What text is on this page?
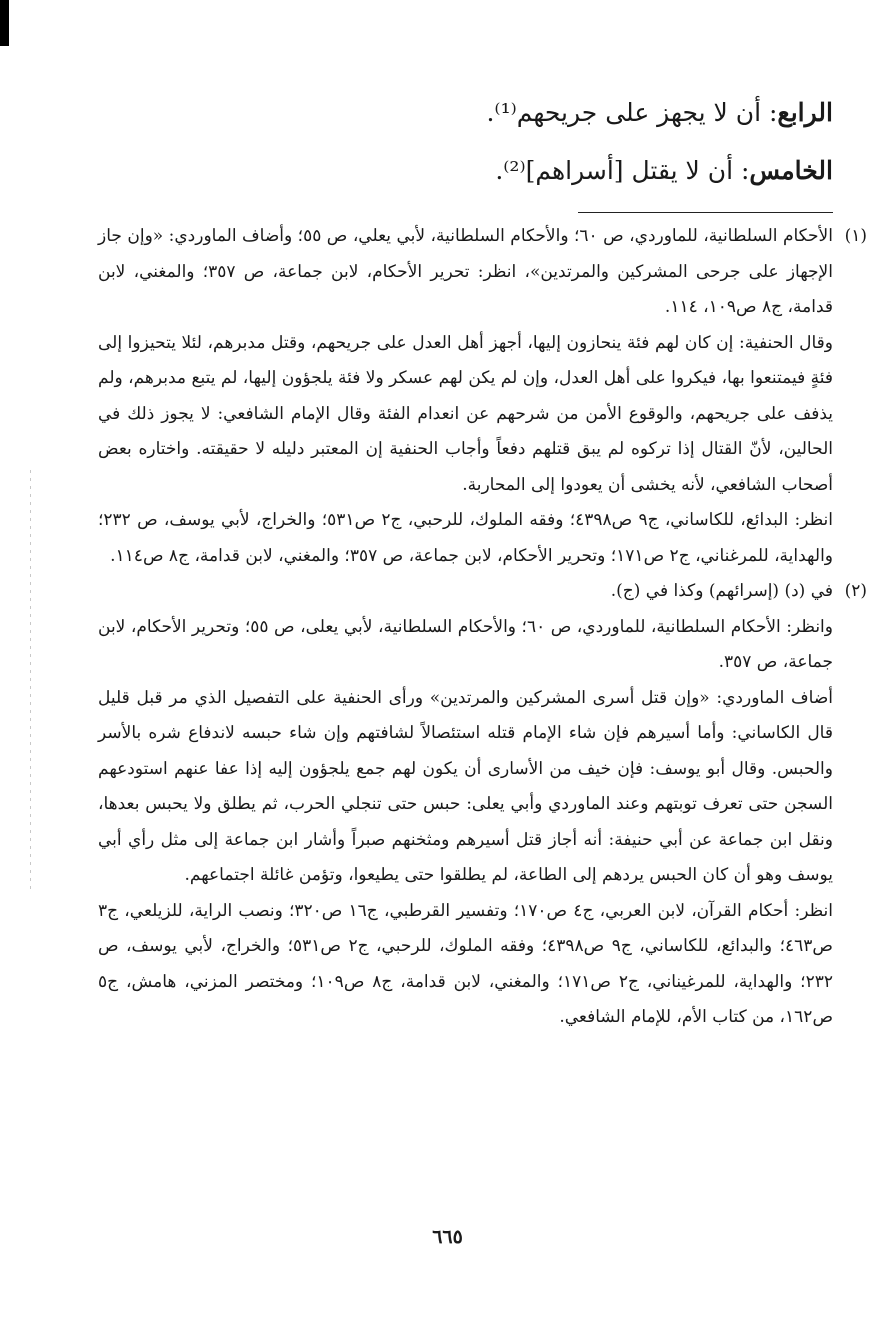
الرابع: أن لا يجهز على جريحهم⁽¹⁾.

الخامس: أن لا يقتل [أسراهم]⁽²⁾.

(١)

الأحكام السلطانية، للماوردي، ص ٦٠؛ والأحكام السلطانية، لأبي يعلي، ص ٥٥؛ وأضاف الماوردي: «وإن جاز الإجهاز على جرحى المشركين والمرتدين»، انظر: تحرير الأحكام، لابن جماعة، ص ٣٥٧؛ والمغني، لابن قدامة، ج٨ ص١٠٩، ١١٤.

وقال الحنفية: إن كان لهم فئة ينحازون إليها، أجهز أهل العدل على جريحهم، وقتل مدبرهم، لئلا يتحيزوا إلى فئةٍ فيمتنعوا بها، فيكروا على أهل العدل، وإن لم يكن لهم عسكر ولا فئة يلجؤون إليها، لم يتبع مدبرهم، ولم يذفف على جريحهم، والوقوع الأمن من شرحهم عن انعدام الفئة وقال الإمام الشافعي: لا يجوز ذلك في الحالين، لأنّ القتال إذا تركوه لم يبق قتلهم دفعاً وأجاب الحنفية إن المعتبر دليله لا حقيقته. واختاره بعض أصحاب الشافعي، لأنه يخشى أن يعودوا إلى المحاربة.

انظر: البدائع، للكاساني، ج٩ ص٤٣٩٨؛ وفقه الملوك، للرحبي، ج٢ ص٥٣١؛ والخراج، لأبي يوسف، ص ٢٣٢؛ والهداية، للمرغناني، ج٢ ص١٧١؛ وتحرير الأحكام، لابن جماعة، ص ٣٥٧؛ والمغني، لابن قدامة، ج٨ ص١١٤.

(٢)

في (د) (إسرائهم) وكذا في (ج).

وانظر: الأحكام السلطانية، للماوردي، ص ٦٠؛ والأحكام السلطانية، لأبي يعلى، ص ٥٥؛ وتحرير الأحكام، لابن جماعة، ص ٣٥٧.

أضاف الماوردي: «وإن قتل أسرى المشركين والمرتدين» ورأى الحنفية على التفصيل الذي مر قبل قليل قال الكاساني: وأما أسيرهم فإن شاء الإمام قتله استئصالاً لشافتهم وإن شاء حبسه لاندفاع شره بالأسر والحبس. وقال أبو يوسف: فإن خيف من الأسارى أن يكون لهم جمع يلجؤون إليه إذا عفا عنهم استودعهم السجن حتى تعرف توبتهم وعند الماوردي وأبي يعلى: حبس حتى تنجلي الحرب، ثم يطلق ولا يحبس بعدها، ونقل ابن جماعة عن أبي حنيفة: أنه أجاز قتل أسيرهم ومثخنهم صبراً وأشار ابن جماعة إلى مثل رأي أبي يوسف وهو أن كان الحبس يردهم إلى الطاعة، لم يطلقوا حتى يطيعوا، وتؤمن غائلة اجتماعهم.

انظر: أحكام القرآن، لابن العربي، ج٤ ص١٧٠؛ وتفسير القرطبي، ج١٦ ص٣٢٠؛ ونصب الراية، للزيلعي، ج٣ ص٤٦٣؛ والبدائع، للكاساني، ج٩ ص٤٣٩٨؛ وفقه الملوك، للرحبي، ج٢ ص٥٣١؛ والخراج، لأبي يوسف، ص ٢٣٢؛ والهداية، للمرغيناني، ج٢ ص١٧١؛ والمغني، لابن قدامة، ج٨ ص١٠٩؛ ومختصر المزني، هامش، ج٥ ص١٦٢، من كتاب الأم، للإمام الشافعي.

٦٦٥
